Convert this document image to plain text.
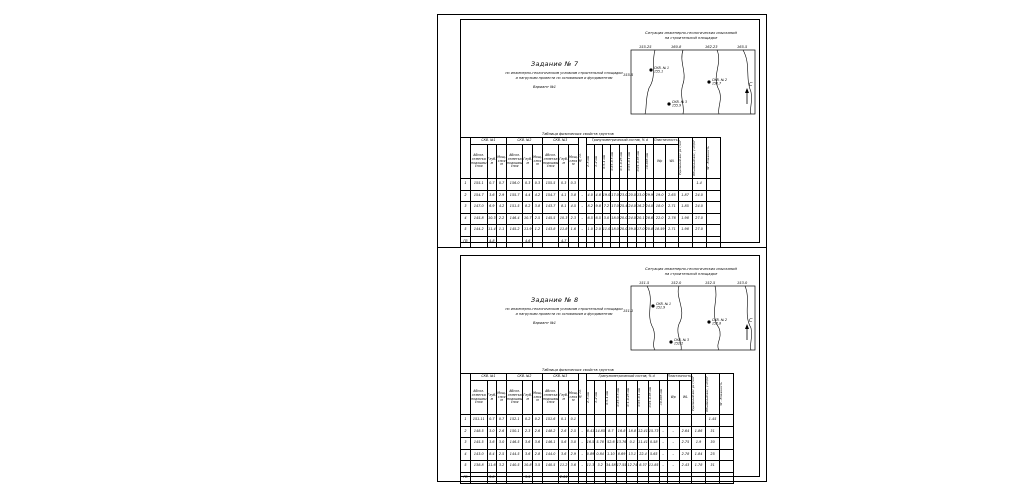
Задание № 7
по инженерно-геологическим условиям строительной площадки
и нагрузкам провести по основаниям и фундаментам
Вариант №1
Ситуация инженерно-геологических изысканий
на строительной площадке
155.25	160.8	162.23	165.5
155.5
СКВ. № 1 155.1
СКВ. № 2 156.7
СКВ. № 3 155.9
С
Таблица физических свойств грунтов
	СКВ. №1			СКВ. №2			СКВ. №3			№ сл.	Гранулометрический состав, % d								Пластичность		Удельный вес ρs г/см³	Объемный вес, γ кН/м³	W - Влажность

	Абсол. отметка подошвы слоя	Глуб. м	Мощ. слоя м	Абсол. отметка подошвы слоя	Глуб. м	Мощ. слоя м	Абсол. отметка подошвы слоя	Глуб. м	Мощ. слоя м		2–5 мм	1–2 мм	0.5–1 мм	0.25–0.5 мм	0.1–0.25 мм	0.05–0.1 мм	0.01–0.05 мм	<0.005 мм	Wp	WL			
1	155.1	0.7	0.7	156.0	0.3	0.3	155.5	0.3	0.3													1.4	
2	154.7	3.6	2.9	155.7	4.4	4.2	154.7	4.1	3.8	–	4.0	4.8	19.0	17.0	23.0	20.0	13.0	29.9	19.0	2.65	1.87	24.0	
3	147.0	6.9	4.2	151.5	8.2	3.8	143.7	8.1	4.5	–	8.2	9.8	7.2	17.0	25.4	24.0	16.2	24.0	18.0	2.71	1.85	24.0	
4	145.8	10.3	2.2	146.4	10.7	2.5	145.5	10.3	2.3	–	6.5	6.5	3.0	18.0	20.0	24.0	20.1	28.6	22.0	2.76	1.98	27.0	
5	144.2	11.4	1.1	145.2	11.9	1.2	143.8	11.8	1.6	–	1.0	2.0	11.0	18.0	20.0	39.0	17.0	20.8	18.59	2.71	1.98	27.0	
ГВ		4.8			4.6			4.7															
Задание № 8
по инженерно-геологическим условиям строительной площадки
и нагрузкам провести по основаниям и фундаментам
Вариант №1
Ситуация инженерно-геологических изысканий
на строительной площадке
151.5	152.0	152.5	153.0
151.1
СКВ. № 1 151.9
СКВ. № 2 152.8
СКВ. № 3 152.2
С
Таблица физических свойств грунтов
	СКВ. №1			СКВ. №2			СКВ. №3			№ сл.	Гранулометрический состав, % d								Пластичность		Удельный вес ρs г/см³	Объемный вес, γ кН/м³	W - Влажность

	Абсол. отметка подошвы слоя	Глуб. м	Мощ. слоя м	Абсол. отметка подошвы слоя	Глуб. м	Мощ. слоя м	Абсол. отметка подошвы слоя	Глуб. м	Мощ. слоя м		2–5 мм	1–2 мм	0.5–1 мм	0.25–0.5 мм	0.1–0.25 мм	0.05–0.1 мм	0.01–0.05 мм	<0.005 мм	Wp	WL			
1	151.11	0.7	0.7	152.1	0.2	0.2	151.6	0.1	0.1													1.45	
2	148.5	3.0	2.6	150.1	2.3	2.6	148.2	2.6	2.5	–	8.41	14.85	8.7	16.8	18.8	12.41	15.73	–	–	2.64	1.86	31	
3	145.5	3.6	3.0	146.5	3.6	3.6	146.1	5.6	3.0	–	16.5	5.78	52.6	13.76	0.1	11.41	0.58	–	–	2.75	1.9	30	
4	143.0	8.4	2.5	144.5	3.6	2.8	144.0	3.6	2.9	–	0.89	0.84	1.10	8.69	13.1	22.4	5.65	–	–	2.78	1.84	25	
5	138.8	11.6	3.2	140.5	10.8	3.5	140.5	11.2	3.6	–	11.3	3.2	34.58	17.55	12.74	8.37	11.85	–	–	2.43	1.78	31	
ГВ		3.8			3.5			2.64															
